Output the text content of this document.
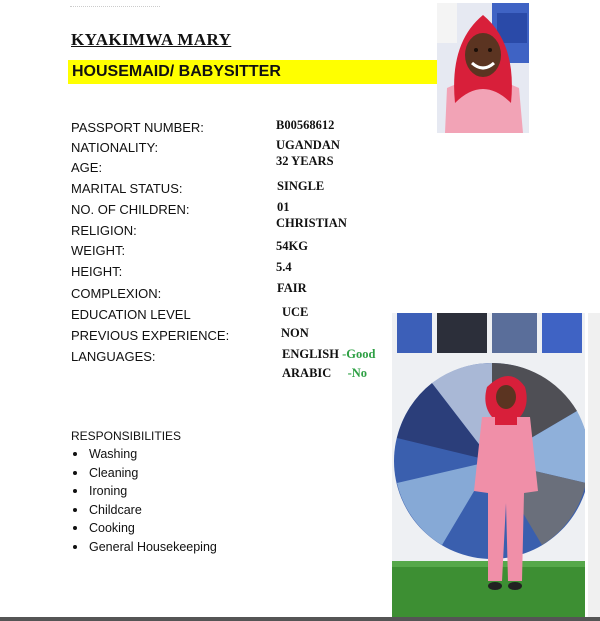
KYAKIMWA MARY
HOUSEMAID/ BABYSITTER
PASSPORT NUMBER:	B00568612
NATIONALITY:	UGANDAN
AGE:	32 YEARS
MARITAL STATUS:	SINGLE
NO. OF CHILDREN:	01
RELIGION:	CHRISTIAN
WEIGHT:	54KG
HEIGHT:	5.4
COMPLEXION:	FAIR
EDUCATION LEVEL	UCE
PREVIOUS EXPERIENCE:	NON
LANGUAGES:	ENGLISH -Good
ARABIC -No
RESPONSIBILITIES
Washing
Cleaning
Ironing
Childcare
Cooking
General Housekeeping
